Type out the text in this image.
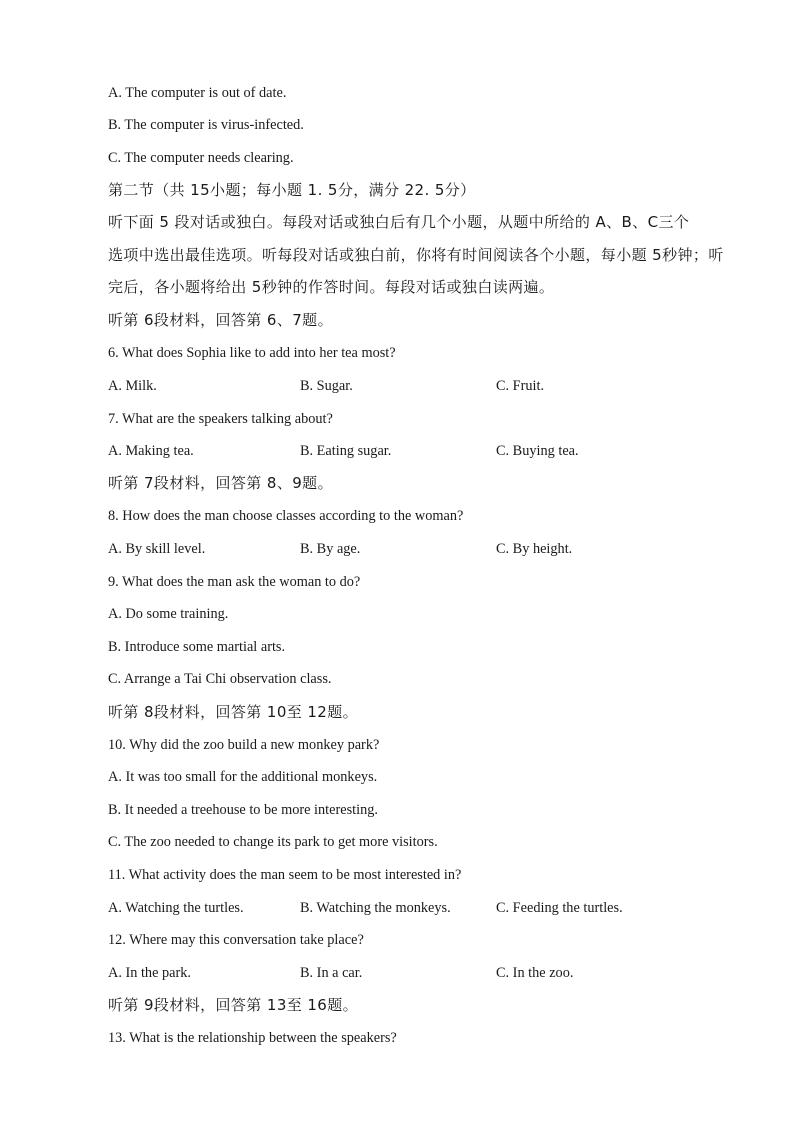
A. The computer is out of date.
B. The computer is virus-infected.
C. The computer needs clearing.
第二节（共 15小题；每小题 1. 5分，满分 22. 5分）
听下面 5 段对话或独白。每段对话或独白后有几个小题，从题中所给的 A、B、C三个
选项中选出最佳选项。听每段对话或独白前，你将有时间阅读各个小题，每小题 5秒钟；听
完后，各小题将给出 5秒钟的作答时间。每段对话或独白读两遍。
听第 6段材料，回答第 6、7题。
6. What does Sophia like to add into her tea most?
A. Milk.	B. Sugar.	C. Fruit.
7. What are the speakers talking about?
A. Making tea.	B. Eating sugar.	C. Buying tea.
听第 7段材料，回答第 8、9题。
8. How does the man choose classes according to the woman?
A. By skill level.	B. By age.	C. By height.
9. What does the man ask the woman to do?
A. Do some training.
B. Introduce some martial arts.
C. Arrange a Tai Chi observation class.
听第 8段材料，回答第 10至 12题。
10. Why did the zoo build a new monkey park?
A. It was too small for the additional monkeys.
B. It needed a treehouse to be more interesting.
C. The zoo needed to change its park to get more visitors.
11. What activity does the man seem to be most interested in?
A. Watching the turtles.	B. Watching the monkeys.	C. Feeding the turtles.
12. Where may this conversation take place?
A. In the park.	B. In a car.	C. In the zoo.
听第 9段材料，回答第 13至 16题。
13. What is the relationship between the speakers?
